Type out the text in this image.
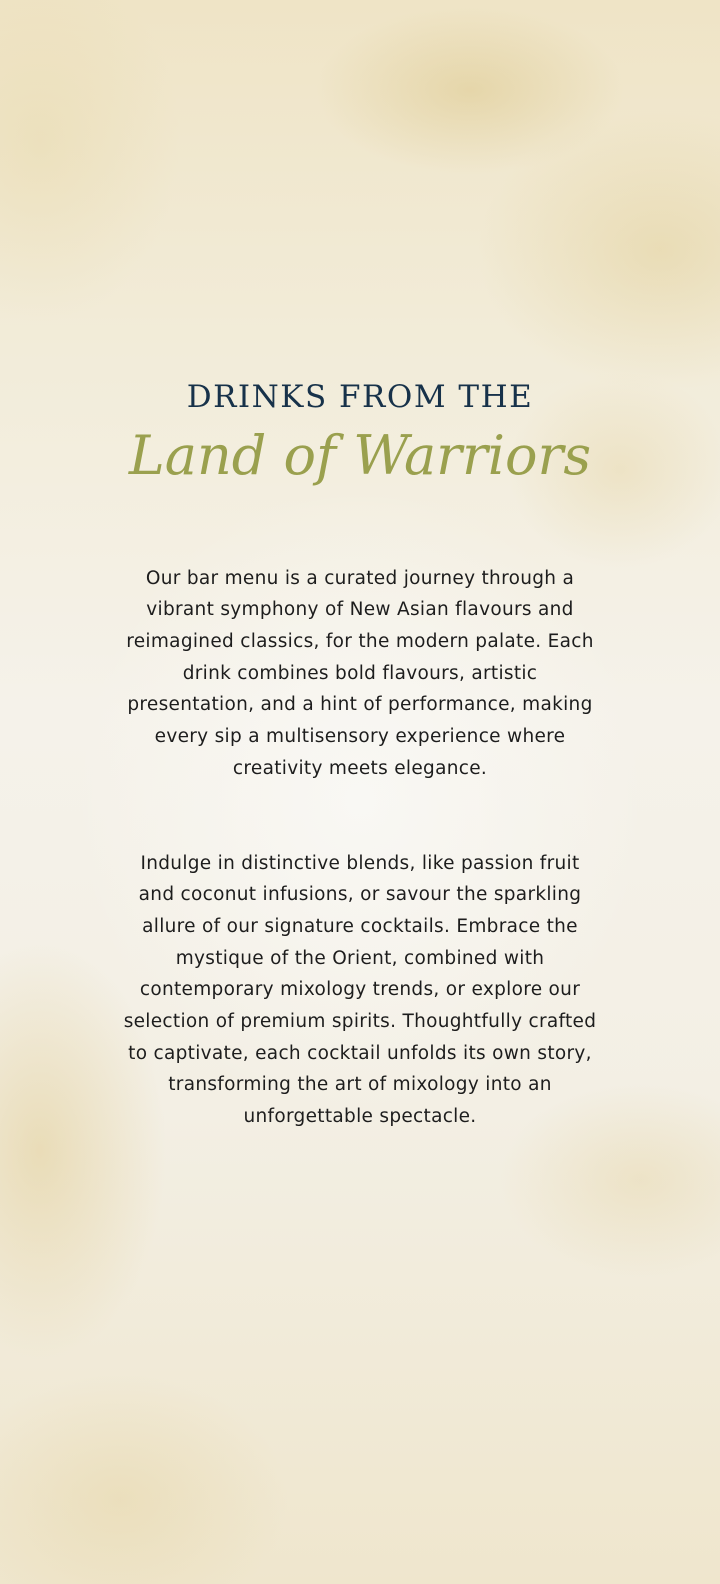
DRINKS FROM THE
Land of Warriors

Our bar menu is a curated journey through a vibrant symphony of New Asian flavours and reimagined classics, for the modern palate. Each drink combines bold flavours, artistic presentation, and a hint of performance, making every sip a multisensory experience where creativity meets elegance.

Indulge in distinctive blends, like passion fruit and coconut infusions, or savour the sparkling allure of our signature cocktails. Embrace the mystique of the Orient, combined with contemporary mixology trends, or explore our selection of premium spirits. Thoughtfully crafted to captivate, each cocktail unfolds its own story, transforming the art of mixology into an unforgettable spectacle.
